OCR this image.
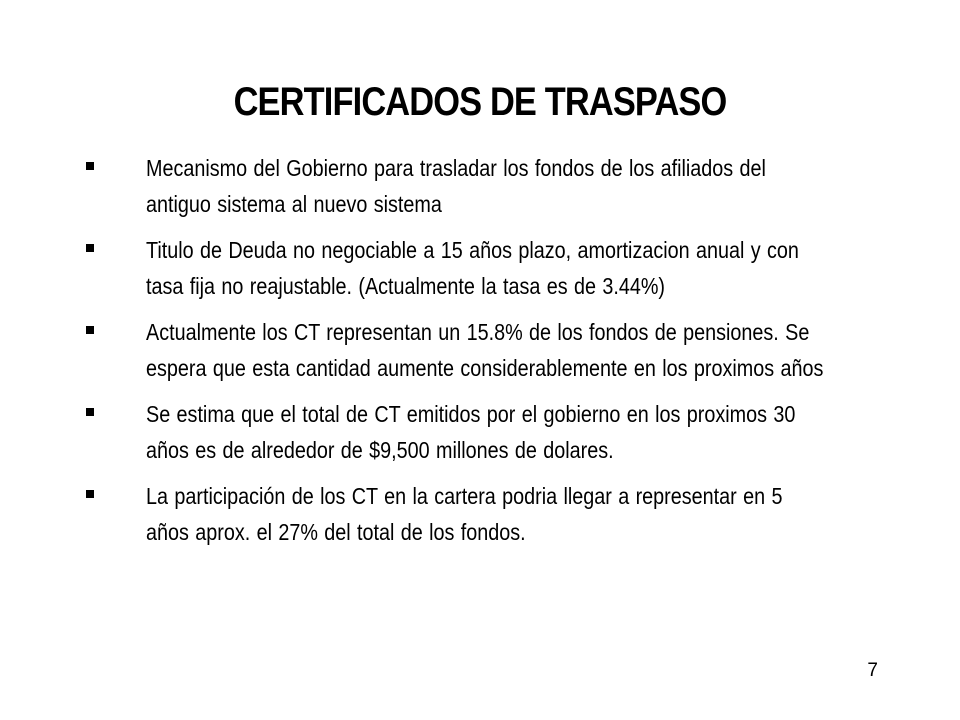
CERTIFICADOS DE TRASPASO
Mecanismo del Gobierno para trasladar los fondos de los afiliados del antiguo sistema al nuevo sistema
Titulo de Deuda no negociable a 15 años plazo, amortizacion anual y con tasa fija no reajustable. (Actualmente la tasa es de 3.44%)
Actualmente los CT representan un 15.8% de los fondos de pensiones. Se espera que esta cantidad aumente considerablemente en los proximos años
Se estima que el total de CT emitidos por el gobierno en los proximos 30 años es de alrededor de $9,500 millones de dolares.
La participación de los CT en la cartera podria llegar a representar en 5 años aprox. el 27% del total de los fondos.
7
